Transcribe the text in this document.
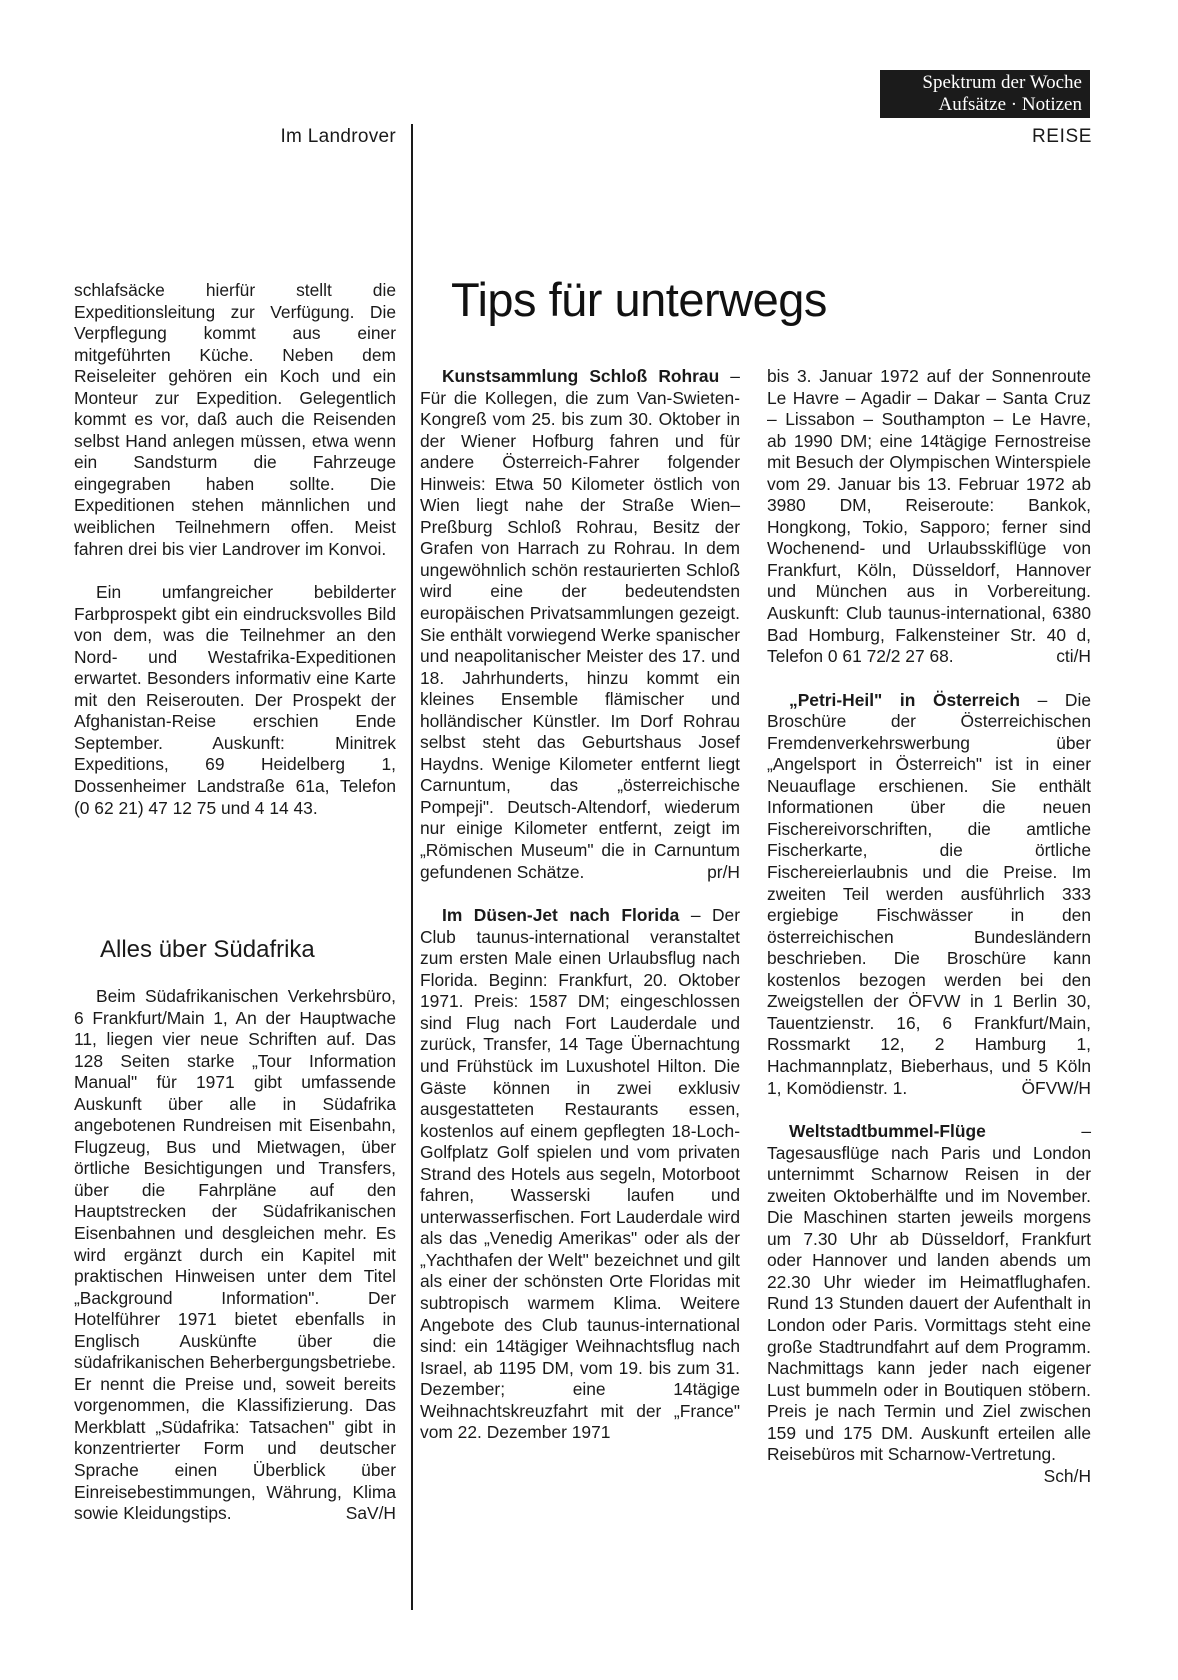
Spektrum der Woche
Aufsätze · Notizen
Im Landrover	REISE

schlafsäcke hierfür stellt die Expeditionsleitung zur Verfügung. Die Verpflegung kommt aus einer mitgeführten Küche. Neben dem Reiseleiter gehören ein Koch und ein Monteur zur Expedition. Gelegentlich kommt es vor, daß auch die Reisenden selbst Hand anlegen müssen, etwa wenn ein Sandsturm die Fahrzeuge eingegraben haben sollte. Die Expeditionen stehen männlichen und weiblichen Teilnehmern offen. Meist fahren drei bis vier Landrover im Konvoi.

Ein umfangreicher bebilderter Farbprospekt gibt ein eindrucksvolles Bild von dem, was die Teilnehmer an den Nord- und Westafrika-Expeditionen erwartet. Besonders informativ eine Karte mit den Reiserouten. Der Prospekt der Afghanistan-Reise erschien Ende September. Auskunft: Minitrek Expeditions, 69 Heidelberg 1, Dossenheimer Landstraße 61a, Telefon (0 62 21) 47 12 75 und 4 14 43.

Alles über Südafrika

Beim Südafrikanischen Verkehrsbüro, 6 Frankfurt/Main 1, An der Hauptwache 11, liegen vier neue Schriften auf. Das 128 Seiten starke „Tour Information Manual" für 1971 gibt umfassende Auskunft über alle in Südafrika angebotenen Rundreisen mit Eisenbahn, Flugzeug, Bus und Mietwagen, über örtliche Besichtigungen und Transfers, über die Fahrpläne auf den Hauptstrecken der Südafrikanischen Eisenbahnen und desgleichen mehr. Es wird ergänzt durch ein Kapitel mit praktischen Hinweisen unter dem Titel „Background Information". Der Hotelführer 1971 bietet ebenfalls in Englisch Auskünfte über die südafrikanischen Beherbergungsbetriebe. Er nennt die Preise und, soweit bereits vorgenommen, die Klassifizierung. Das Merkblatt „Südafrika: Tatsachen" gibt in konzentrierter Form und deutscher Sprache einen Überblick über Einreisebestimmungen, Währung, Klima sowie Kleidungstips.	SaV/H

Tips für unterwegs

Kunstsammlung Schloß Rohrau – Für die Kollegen, die zum Van-Swieten-Kongreß vom 25. bis zum 30. Oktober in der Wiener Hofburg fahren und für andere Österreich-Fahrer folgender Hinweis: Etwa 50 Kilometer östlich von Wien liegt nahe der Straße Wien–Preßburg Schloß Rohrau, Besitz der Grafen von Harrach zu Rohrau. In dem ungewöhnlich schön restaurierten Schloß wird eine der bedeutendsten europäischen Privatsammlungen gezeigt. Sie enthält vorwiegend Werke spanischer und neapolitanischer Meister des 17. und 18. Jahrhunderts, hinzu kommt ein kleines Ensemble flämischer und holländischer Künstler. Im Dorf Rohrau selbst steht das Geburtshaus Josef Haydns. Wenige Kilometer entfernt liegt Carnuntum, das „österreichische Pompeji". Deutsch-Altendorf, wiederum nur einige Kilometer entfernt, zeigt im „Römischen Museum" die in Carnuntum gefundenen Schätze.	pr/H

Im Düsen-Jet nach Florida – Der Club taunus-international veranstaltet zum ersten Male einen Urlaubsflug nach Florida. Beginn: Frankfurt, 20. Oktober 1971. Preis: 1587 DM; eingeschlossen sind Flug nach Fort Lauderdale und zurück, Transfer, 14 Tage Übernachtung und Frühstück im Luxushotel Hilton. Die Gäste können in zwei exklusiv ausgestatteten Restaurants essen, kostenlos auf einem gepflegten 18-Loch-Golfplatz Golf spielen und vom privaten Strand des Hotels aus segeln, Motorboot fahren, Wasserski laufen und unterwasserfischen. Fort Lauderdale wird als das „Venedig Amerikas" oder als der „Yachthafen der Welt" bezeichnet und gilt als einer der schönsten Orte Floridas mit subtropisch warmem Klima. Weitere Angebote des Club taunus-international sind: ein 14tägiger Weihnachtsflug nach Israel, ab 1195 DM, vom 19. bis zum 31. Dezember; eine 14tägige Weihnachtskreuzfahrt mit der „France" vom 22. Dezember 1971

bis 3. Januar 1972 auf der Sonnenroute Le Havre – Agadir – Dakar – Santa Cruz – Lissabon – Southampton – Le Havre, ab 1990 DM; eine 14tägige Fernostreise mit Besuch der Olympischen Winterspiele vom 29. Januar bis 13. Februar 1972 ab 3980 DM, Reiseroute: Bankok, Hongkong, Tokio, Sapporo; ferner sind Wochenend- und Urlaubsskiflüge von Frankfurt, Köln, Düsseldorf, Hannover und München aus in Vorbereitung. Auskunft: Club taunus-international, 6380 Bad Homburg, Falkensteiner Str. 40 d, Telefon 0 61 72/2 27 68.	cti/H

„Petri-Heil" in Österreich – Die Broschüre der Österreichischen Fremdenverkehrswerbung über „Angelsport in Österreich" ist in einer Neuauflage erschienen. Sie enthält Informationen über die neuen Fischereivorschriften, die amtliche Fischerkarte, die örtliche Fischereierlaubnis und die Preise. Im zweiten Teil werden ausführlich 333 ergiebige Fischwässer in den österreichischen Bundesländern beschrieben. Die Broschüre kann kostenlos bezogen werden bei den Zweigstellen der ÖFVW in 1 Berlin 30, Tauentzienstr. 16, 6 Frankfurt/Main, Rossmarkt 12, 2 Hamburg 1, Hachmannplatz, Bieberhaus, und 5 Köln 1, Komödienstr. 1.	ÖFVW/H

Weltstadtbummel-Flüge – Tagesausflüge nach Paris und London unternimmt Scharnow Reisen in der zweiten Oktoberhälfte und im November. Die Maschinen starten jeweils morgens um 7.30 Uhr ab Düsseldorf, Frankfurt oder Hannover und landen abends um 22.30 Uhr wieder im Heimatflughafen. Rund 13 Stunden dauert der Aufenthalt in London oder Paris. Vormittags steht eine große Stadtrundfahrt auf dem Programm. Nachmittags kann jeder nach eigener Lust bummeln oder in Boutiquen stöbern. Preis je nach Termin und Ziel zwischen 159 und 175 DM. Auskunft erteilen alle Reisebüros mit Scharnow-Vertretung.
Sch/H
